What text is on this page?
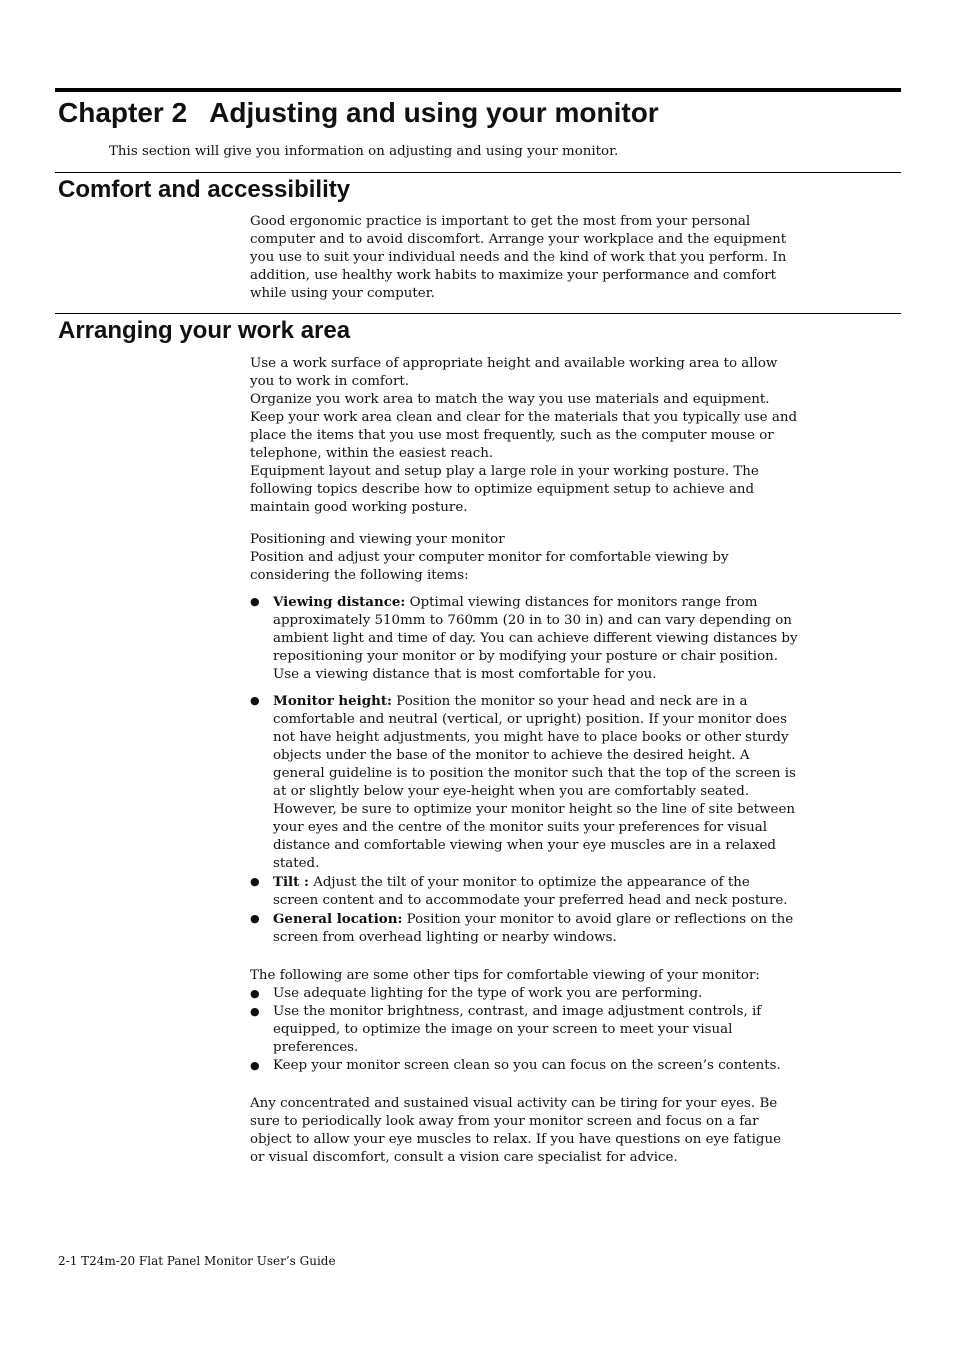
Chapter 2 Adjusting and using your monitor

This section will give you information on adjusting and using your monitor.

Comfort and accessibility

Good ergonomic practice is important to get the most from your personal computer and to avoid discomfort. Arrange your workplace and the equipment you use to suit your individual needs and the kind of work that you perform. In addition, use healthy work habits to maximize your performance and comfort while using your computer.

Arranging your work area

Use a work surface of appropriate height and available working area to allow you to work in comfort.

Organize you work area to match the way you use materials and equipment. Keep your work area clean and clear for the materials that you typically use and place the items that you use most frequently, such as the computer mouse or telephone, within the easiest reach.

Equipment layout and setup play a large role in your working posture. The following topics describe how to optimize equipment setup to achieve and maintain good working posture.

Positioning and viewing your monitor

Position and adjust your computer monitor for comfortable viewing by considering the following items:

● Viewing distance: Optimal viewing distances for monitors range from approximately 510mm to 760mm (20 in to 30 in) and can vary depending on ambient light and time of day. You can achieve different viewing distances by repositioning your monitor or by modifying your posture or chair position. Use a viewing distance that is most comfortable for you.
● Monitor height: Position the monitor so your head and neck are in a comfortable and neutral (vertical, or upright) position. If your monitor does not have height adjustments, you might have to place books or other sturdy objects under the base of the monitor to achieve the desired height. A general guideline is to position the monitor such that the top of the screen is at or slightly below your eye-height when you are comfortably seated. However, be sure to optimize your monitor height so the line of site between your eyes and the centre of the monitor suits your preferences for visual distance and comfortable viewing when your eye muscles are in a relaxed stated.
● Tilt : Adjust the tilt of your monitor to optimize the appearance of the screen content and to accommodate your preferred head and neck posture.
● General location: Position your monitor to avoid glare or reflections on the screen from overhead lighting or nearby windows.

The following are some other tips for comfortable viewing of your monitor:

● Use adequate lighting for the type of work you are performing.
● Use the monitor brightness, contrast, and image adjustment controls, if equipped, to optimize the image on your screen to meet your visual preferences.
● Keep your monitor screen clean so you can focus on the screen’s contents.

Any concentrated and sustained visual activity can be tiring for your eyes. Be sure to periodically look away from your monitor screen and focus on a far object to allow your eye muscles to relax. If you have questions on eye fatigue or visual discomfort, consult a vision care specialist for advice.

2-1 T24m-20 Flat Panel Monitor User’s Guide
